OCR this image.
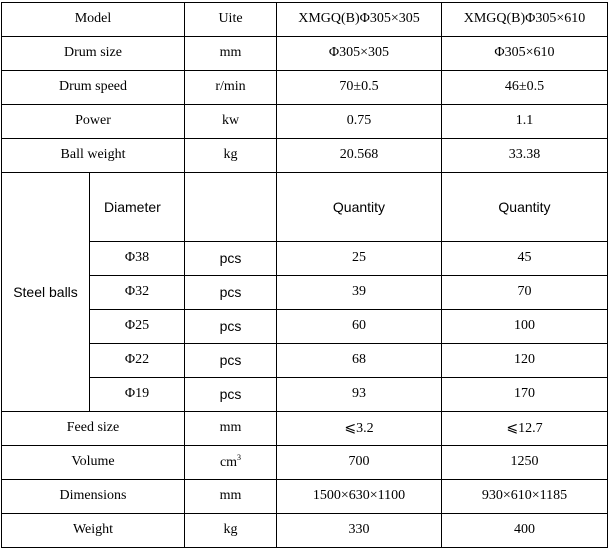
Model		Uite	XMGQ(B)Φ305×305	XMGQ(B)Φ305×610
Drum size		mm	Φ305×305	Φ305×610
Drum speed		r/min	70±0.5	46±0.5
Power		kw	0.75	1.1
Ball weight		kg	20.568	33.38
Steel balls	Diameter		Quantity	Quantity
	Φ38	pcs	25	45
	Φ32	pcs	39	70
	Φ25	pcs	60	100
	Φ22	pcs	68	120
	Φ19	pcs	93	170
Feed size		mm	⩽3.2	⩽12.7
Volume		$cm^3$	700	1250
Dimensions		mm	1500×630×1100	930×610×1185
Weight		kg	330	400
